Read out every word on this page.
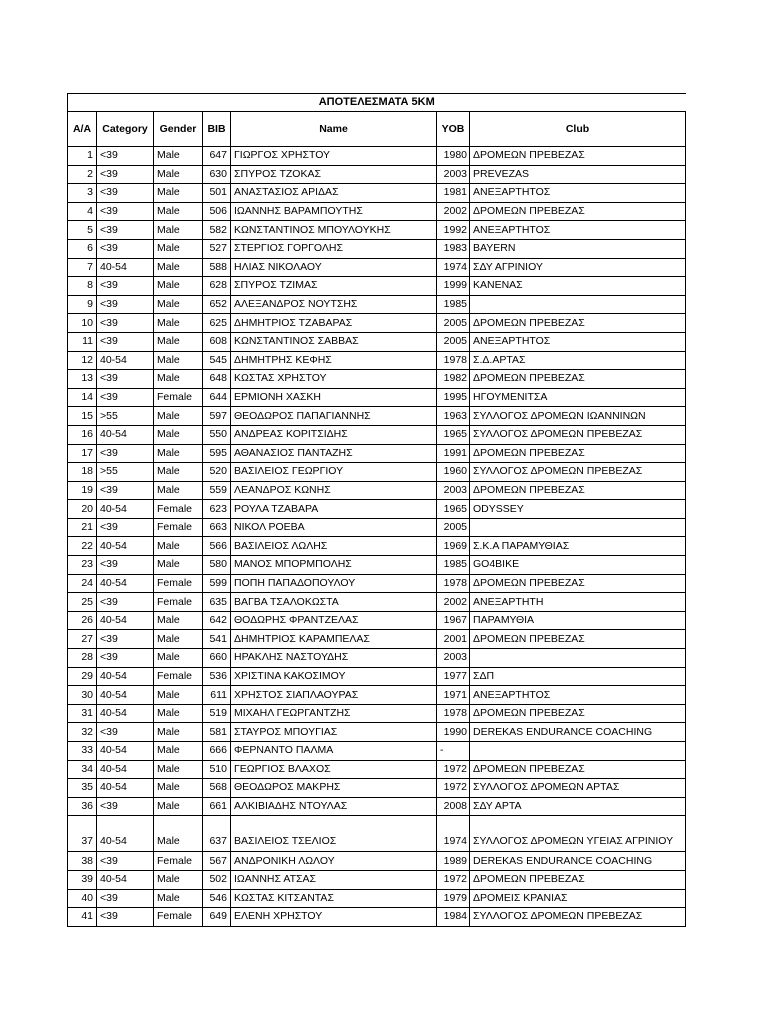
ΑΠΟΤΕΛΕΣΜΑΤΑ 5ΚΜ						
A/A	Category	Gender	BIB	Name	YOB	Club
1	<39	Male	647	ΓΙΩΡΓΟΣ ΧΡΗΣΤΟΥ	1980	ΔΡΟΜΕΩΝ ΠΡΕΒΕΖΑΣ
2	<39	Male	630	ΣΠΥΡΟΣ ΤΖΟΚΑΣ	2003	PREVEZAS
3	<39	Male	501	ΑΝΑΣΤΑΣΙΟΣ ΑΡΙΔΑΣ	1981	ΑΝΕΞΑΡΤΗΤΟΣ
4	<39	Male	506	ΙΩΑΝΝΗΣ ΒΑΡΑΜΠΟΥΤΗΣ	2002	ΔΡΟΜΕΩΝ ΠΡΕΒΕΖΑΣ
5	<39	Male	582	ΚΩΝΣΤΑΝΤΙΝΟΣ ΜΠΟΥΛΟΥΚΗΣ	1992	ΑΝΕΞΑΡΤΗΤΟΣ
6	<39	Male	527	ΣΤΕΡΓΙΟΣ ΓΟΡΓΟΛΗΣ	1983	BAYERN
7	40-54	Male	588	ΗΛΙΑΣ ΝΙΚΟΛΑΟΥ	1974	ΣΔΥ ΑΓΡΙΝΙΟΥ
8	<39	Male	628	ΣΠΥΡΟΣ ΤΖΙΜΑΣ	1999	ΚΑΝΕΝΑΣ
9	<39	Male	652	ΑΛΕΞΑΝΔΡΟΣ ΝΟΥΤΣΗΣ	1985	
10	<39	Male	625	ΔΗΜΗΤΡΙΟΣ ΤΖΑΒΑΡΑΣ	2005	ΔΡΟΜΕΩΝ ΠΡΕΒΕΖΑΣ
11	<39	Male	608	ΚΩΝΣΤΑΝΤΙΝΟΣ ΣΑΒΒΑΣ	2005	ΑΝΕΞΑΡΤΗΤΟΣ
12	40-54	Male	545	ΔΗΜΗΤΡΗΣ ΚΕΦΗΣ	1978	Σ.Δ.ΑΡΤΑΣ
13	<39	Male	648	ΚΩΣΤΑΣ ΧΡΗΣΤΟΥ	1982	ΔΡΟΜΕΩΝ ΠΡΕΒΕΖΑΣ
14	<39	Female	644	ΕΡΜΙΟΝΗ ΧΑΣΚΗ	1995	ΗΓΟΥΜΕΝΙΤΣΑ
15	>55	Male	597	ΘΕΟΔΩΡΟΣ ΠΑΠΑΓΙΑΝΝΗΣ	1963	ΣΥΛΛΟΓΟΣ ΔΡΟΜΕΩΝ ΙΩΑΝΝΙΝΩΝ
16	40-54	Male	550	ΑΝΔΡΕΑΣ ΚΟΡΙΤΣΙΔΗΣ	1965	ΣΥΛΛΟΓΟΣ ΔΡΟΜΕΩΝ ΠΡΕΒΕΖΑΣ
17	<39	Male	595	ΑΘΑΝΑΣΙΟΣ ΠΑΝΤΑΖΗΣ	1991	ΔΡΟΜΕΩΝ ΠΡΕΒΕΖΑΣ
18	>55	Male	520	ΒΑΣΙΛΕΙΟΣ ΓΕΩΡΓΙΟΥ	1960	ΣΥΛΛΟΓΟΣ ΔΡΟΜΕΩΝ ΠΡΕΒΕΖΑΣ
19	<39	Male	559	ΛΕΑΝΔΡΟΣ ΚΩΝΗΣ	2003	ΔΡΟΜΕΩΝ ΠΡΕΒΕΖΑΣ
20	40-54	Female	623	ΡΟΥΛΑ ΤΖΑΒΑΡΑ	1965	ODYSSEY
21	<39	Female	663	ΝΙΚΟΛ ΡΟΕΒΑ	2005	
22	40-54	Male	566	ΒΑΣΙΛΕΙΟΣ ΛΩΛΗΣ	1969	Σ.Κ.Α ΠΑΡΑΜΥΘΙΑΣ
23	<39	Male	580	ΜΑΝΟΣ ΜΠΟΡΜΠΟΛΗΣ	1985	GO4BIKE
24	40-54	Female	599	ΠΟΠΗ ΠΑΠΑΔΟΠΟΥΛΟΥ	1978	ΔΡΟΜΕΩΝ ΠΡΕΒΕΖΑΣ
25	<39	Female	635	ΒΑΓΒΑ ΤΣΑΛΟΚΩΣΤΑ	2002	ΑΝΕΞΑΡΤΗΤΗ
26	40-54	Male	642	ΘΟΔΩΡΗΣ ΦΡΑΝΤΖΕΛΑΣ	1967	ΠΑΡΑΜΥΘΙΑ
27	<39	Male	541	ΔΗΜΗΤΡΙΟΣ ΚΑΡΑΜΠΕΛΑΣ	2001	ΔΡΟΜΕΩΝ ΠΡΕΒΕΖΑΣ
28	<39	Male	660	ΗΡΑΚΛΗΣ ΝΑΣΤΟΥΔΗΣ	2003	
29	40-54	Female	536	ΧΡΙΣΤΙΝΑ ΚΑΚΟΣΙΜΟΥ	1977	ΣΔΠ
30	40-54	Male	611	ΧΡΗΣΤΟΣ ΣΙΑΠΛΑΟΥΡΑΣ	1971	ΑΝΕΞΑΡΤΗΤΟΣ
31	40-54	Male	519	ΜΙΧΑΗΛ ΓΕΩΡΓΑΝΤΖΗΣ	1978	ΔΡΟΜΕΩΝ ΠΡΕΒΕΖΑΣ
32	<39	Male	581	ΣΤΑΥΡΟΣ ΜΠΟΥΓΙΑΣ	1990	DEREKAS ENDURANCE COACHING
33	40-54	Male	666	ΦΕΡΝΑΝΤΟ ΠΑΛΜΑ	-	
34	40-54	Male	510	ΓΕΩΡΓΙΟΣ ΒΛΑΧΟΣ	1972	ΔΡΟΜΕΩΝ ΠΡΕΒΕΖΑΣ
35	40-54	Male	568	ΘΕΟΔΩΡΟΣ ΜΑΚΡΗΣ	1972	ΣΥΛΛΟΓΟΣ ΔΡΟΜΕΩΝ ΑΡΤΑΣ
36	<39	Male	661	ΑΛΚΙΒΙΑΔΗΣ ΝΤΟΥΛΑΣ	2008	ΣΔΥ ΑΡΤΑ
37	40-54	Male	637	ΒΑΣΙΛΕΙΟΣ ΤΣΕΛΙΟΣ	1974	ΣΥΛΛΟΓΟΣ ΔΡΟΜΕΩΝ ΥΓΕΙΑΣ ΑΓΡΙΝΙΟΥ
38	<39	Female	567	ΑΝΔΡΟΝΙΚΗ ΛΩΛΟΥ	1989	DEREKAS ENDURANCE COACHING
39	40-54	Male	502	ΙΩΑΝΝΗΣ ΑΤΣΑΣ	1972	ΔΡΟΜΕΩΝ ΠΡΕΒΕΖΑΣ
40	<39	Male	546	ΚΩΣΤΑΣ ΚΙΤΣΑΝΤΑΣ	1979	ΔΡΟΜΕΙΣ ΚΡΑΝΙΑΣ
41	<39	Female	649	ΕΛΕΝΗ ΧΡΗΣΤΟΥ	1984	ΣΥΛΛΟΓΟΣ ΔΡΟΜΕΩΝ ΠΡΕΒΕΖΑΣ
